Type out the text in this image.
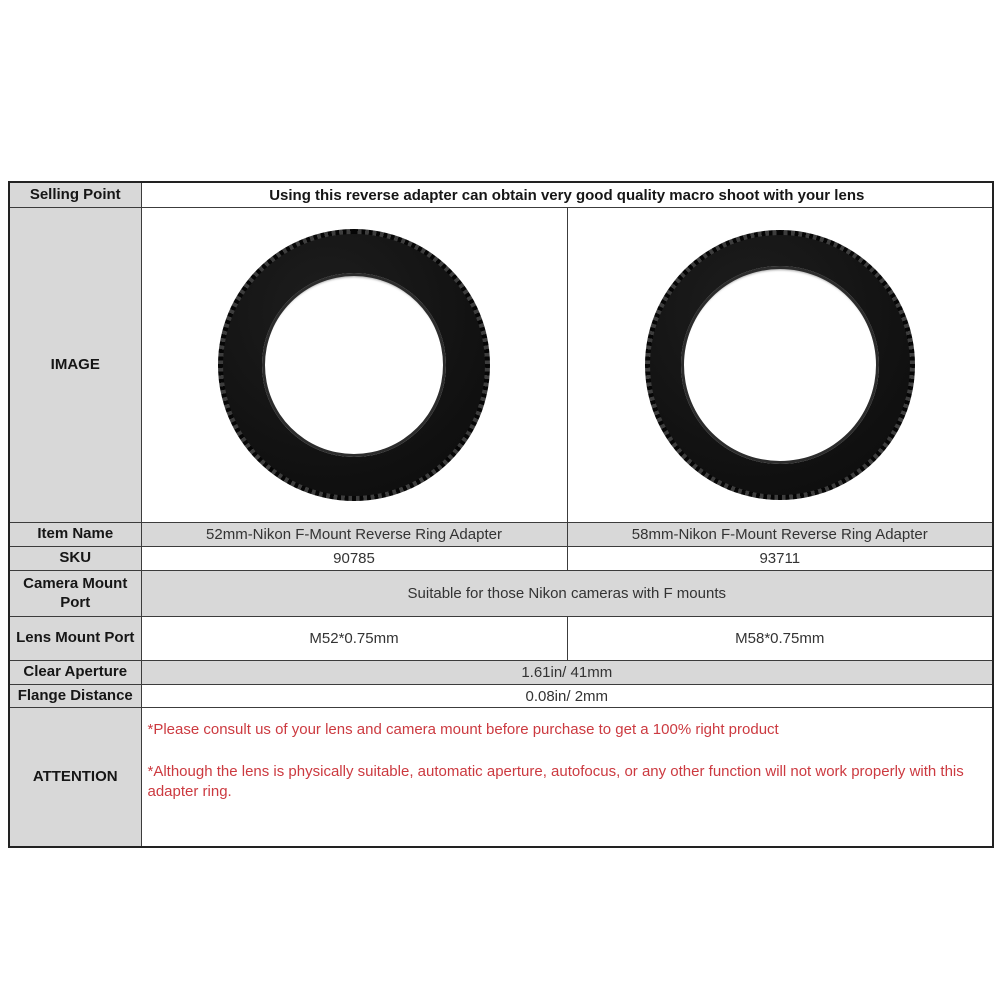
Selling Point	Using this reverse adapter can obtain very good quality macro shoot with your lens	
IMAGE	

Item Name	52mm-Nikon F-Mount Reverse Ring Adapter	58mm-Nikon F-Mount Reverse Ring Adapter
SKU	90785	93711
Camera Mount Port	Suitable for those Nikon cameras with F mounts	
Lens Mount Port	M52*0.75mm	M58*0.75mm
Clear Aperture	1.61in/ 41mm	
Flange Distance	0.08in/ 2mm	
ATTENTION	*Please consult us of your lens and camera mount before purchase to get a 100% right product

*Although the lens is physically suitable, automatic aperture, autofocus, or any other function will not work properly with this adapter ring.	
